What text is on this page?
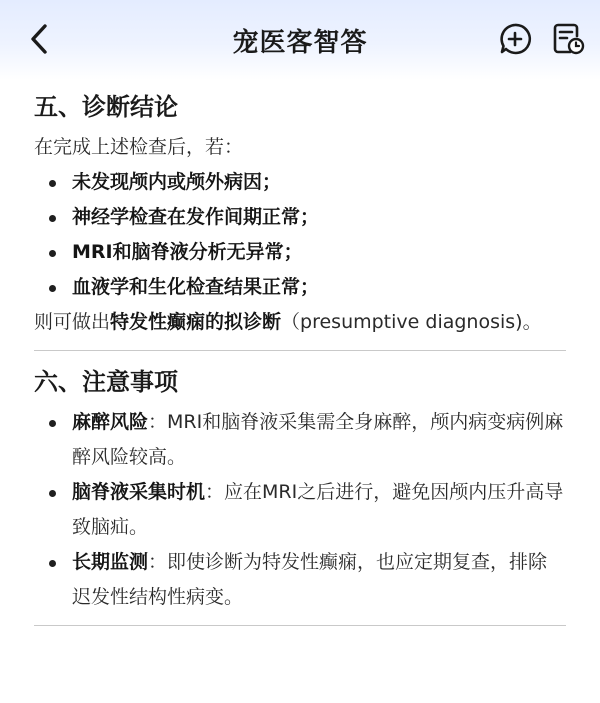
宠医客智答
五、诊断结论
在完成上述检查后，若：
未发现颅内或颅外病因；
神经学检查在发作间期正常；
MRI和脑脊液分析无异常；
血液学和生化检查结果正常；
则可做出特发性癫痫的拟诊断（presumptive diagnosis)。
六、注意事项
麻醉风险：MRI和脑脊液采集需全身麻醉，颅内病变病例麻醉风险较高。
脑脊液采集时机：应在MRI之后进行，避免因颅内压升高导致脑疝。
长期监测：即使诊断为特发性癫痫，也应定期复查，排除迟发性结构性病变。
